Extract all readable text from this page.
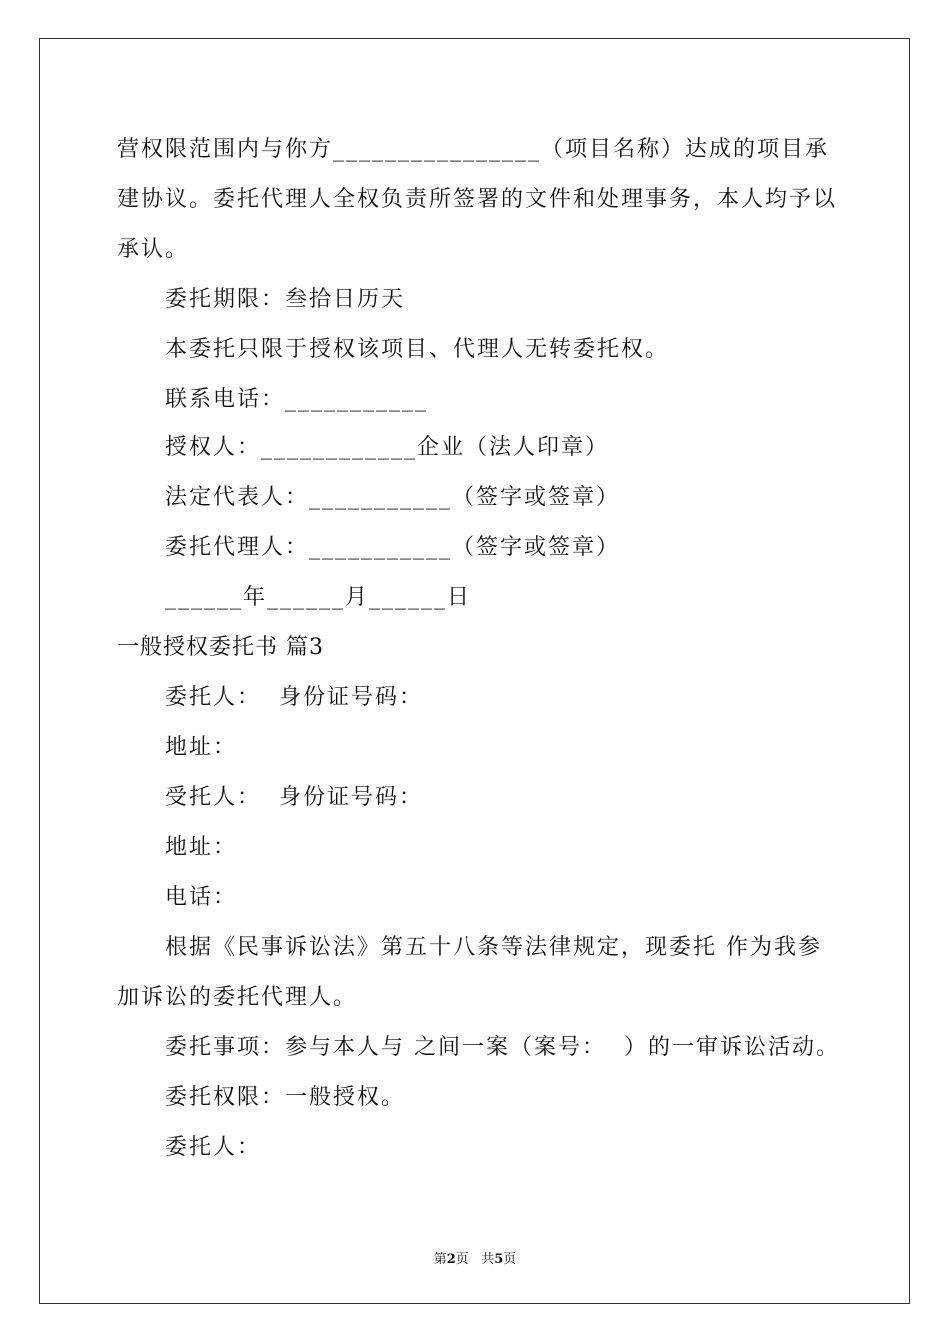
营权限范围内与你方________________（项目名称）达成的项目承
建协议。委托代理人全权负责所签署的文件和处理事务，本人均予以
承认。
委托期限：叁拾日历天
本委托只限于授权该项目、代理人无转委托权。
联系电话：___________
授权人：____________企业（法人印章）
法定代表人：___________（签字或签章）
委托代理人：___________（签字或签章）
______年______月______日
一般授权委托书 篇3
委托人：  身份证号码：
地址：
受托人：  身份证号码：
地址：
电话：
根据《民事诉讼法》第五十八条等法律规定，现委托 作为我参
加诉讼的委托代理人。
委托事项：参与本人与 之间一案（案号：  ）的一审诉讼活动。
委托权限：一般授权。
委托人：
第2页 共5页
